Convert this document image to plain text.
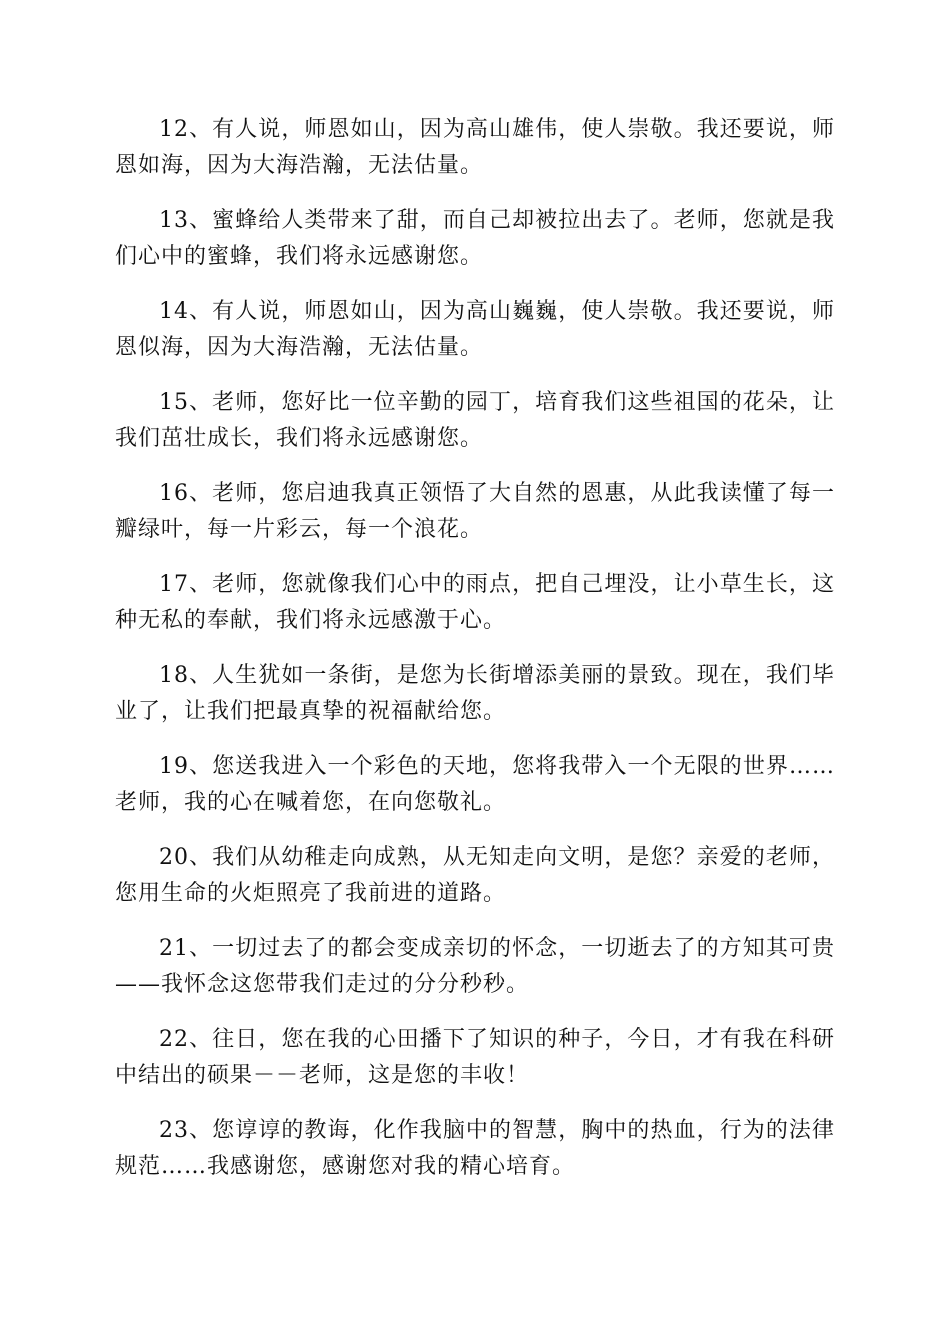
12、有人说，师恩如山，因为高山雄伟，使人崇敬。我还要说，师恩如海，因为大海浩瀚，无法估量。

13、蜜蜂给人类带来了甜，而自己却被拉出去了。老师，您就是我们心中的蜜蜂，我们将永远感谢您。

14、有人说，师恩如山，因为高山巍巍，使人崇敬。我还要说，师恩似海，因为大海浩瀚，无法估量。

15、老师，您好比一位辛勤的园丁，培育我们这些祖国的花朵，让我们茁壮成长，我们将永远感谢您。

16、老师，您启迪我真正领悟了大自然的恩惠，从此我读懂了每一瓣绿叶，每一片彩云，每一个浪花。

17、老师，您就像我们心中的雨点，把自己埋没，让小草生长，这种无私的奉献，我们将永远感激于心。

18、人生犹如一条街，是您为长街增添美丽的景致。现在，我们毕业了，让我们把最真挚的祝福献给您。

19、您送我进入一个彩色的天地，您将我带入一个无限的世界……老师，我的心在喊着您，在向您敬礼。

20、我们从幼稚走向成熟，从无知走向文明，是您？亲爱的老师，您用生命的火炬照亮了我前进的道路。

21、一切过去了的都会变成亲切的怀念，一切逝去了的方知其可贵——我怀念这您带我们走过的分分秒秒。

22、往日，您在我的心田播下了知识的种子，今日，才有我在科研中结出的硕果－－老师，这是您的丰收！

23、您谆谆的教诲，化作我脑中的智慧，胸中的热血，行为的法律规范……我感谢您，感谢您对我的精心培育。
